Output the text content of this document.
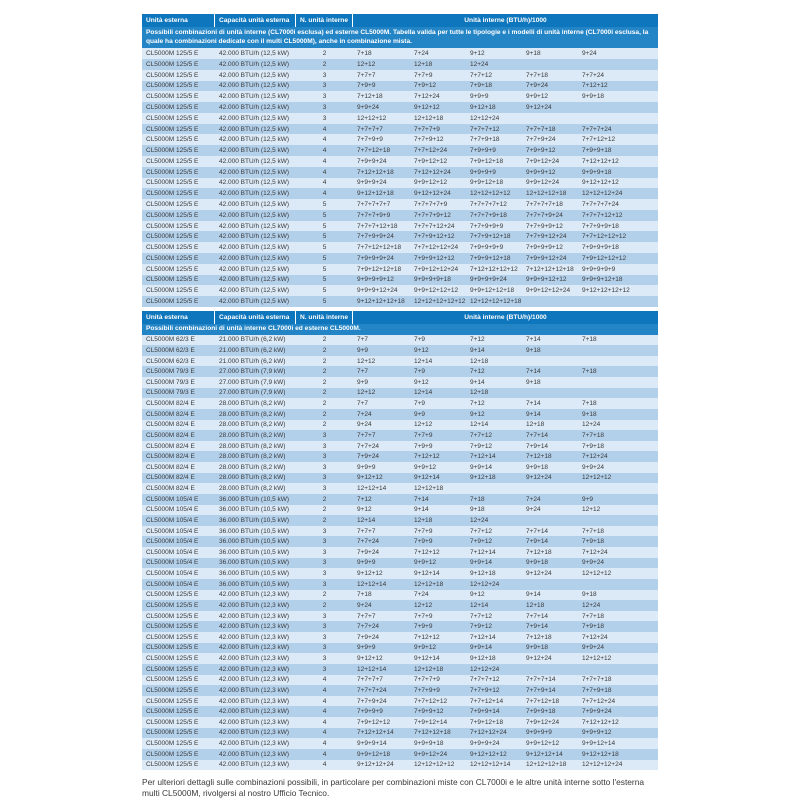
Unità esterna	Capacità unità esterna	N. unità interne	Unità interne (BTU/h)/1000
Possibili combinazioni di unità interne (CL7000i esclusa) ed esterne CL5000M. Tabella valida per tutte le tipologie e i modelli di unità interne (CL7000i esclusa, la quale ha combinazioni dedicate con il multi CL5000M), anche in combinazione mista.
CL5000M 125/5 E	42.000 BTU/h (12,5 kW)	2	7+18	7+24	9+12	9+18	9+24
CL5000M 125/5 E	42.000 BTU/h (12,5 kW)	2	12+12	12+18	12+24
CL5000M 125/5 E	42.000 BTU/h (12,5 kW)	3	7+7+7	7+7+9	7+7+12	7+7+18	7+7+24
CL5000M 125/5 E	42.000 BTU/h (12,5 kW)	3	7+9+9	7+9+12	7+9+18	7+9+24	7+12+12
CL5000M 125/5 E	42.000 BTU/h (12,5 kW)	3	7+12+18	7+12+24	9+9+9	9+9+12	9+9+18
CL5000M 125/5 E	42.000 BTU/h (12,5 kW)	3	9+9+24	9+12+12	9+12+18	9+12+24
CL5000M 125/5 E	42.000 BTU/h (12,5 kW)	3	12+12+12	12+12+18	12+12+24
CL5000M 125/5 E	42.000 BTU/h (12,5 kW)	4	7+7+7+7	7+7+7+9	7+7+7+12	7+7+7+18	7+7+7+24
CL5000M 125/5 E	42.000 BTU/h (12,5 kW)	4	7+7+9+9	7+7+9+12	7+7+9+18	7+7+9+24	7+7+12+12
CL5000M 125/5 E	42.000 BTU/h (12,5 kW)	4	7+7+12+18	7+7+12+24	7+9+9+9	7+9+9+12	7+9+9+18
CL5000M 125/5 E	42.000 BTU/h (12,5 kW)	4	7+9+9+24	7+9+12+12	7+9+12+18	7+9+12+24	7+12+12+12
CL5000M 125/5 E	42.000 BTU/h (12,5 kW)	4	7+12+12+18	7+12+12+24	9+9+9+9	9+9+9+12	9+9+9+18
CL5000M 125/5 E	42.000 BTU/h (12,5 kW)	4	9+9+9+24	9+9+12+12	9+9+12+18	9+9+12+24	9+12+12+12
CL5000M 125/5 E	42.000 BTU/h (12,5 kW)	4	9+12+12+18	9+12+12+24	12+12+12+12	12+12+12+18	12+12+12+24
CL5000M 125/5 E	42.000 BTU/h (12,5 kW)	5	7+7+7+7+7	7+7+7+7+9	7+7+7+7+12	7+7+7+7+18	7+7+7+7+24
CL5000M 125/5 E	42.000 BTU/h (12,5 kW)	5	7+7+7+9+9	7+7+7+9+12	7+7+7+9+18	7+7+7+9+24	7+7+7+12+12
CL5000M 125/5 E	42.000 BTU/h (12,5 kW)	5	7+7+7+12+18	7+7+7+12+24	7+7+9+9+9	7+7+9+9+12	7+7+9+9+18
CL5000M 125/5 E	42.000 BTU/h (12,5 kW)	5	7+7+9+9+24	7+7+9+12+12	7+7+9+12+18	7+7+9+12+24	7+7+12+12+12
CL5000M 125/5 E	42.000 BTU/h (12,5 kW)	5	7+7+12+12+18	7+7+12+12+24	7+9+9+9+9	7+9+9+9+12	7+9+9+9+18
CL5000M 125/5 E	42.000 BTU/h (12,5 kW)	5	7+9+9+9+24	7+9+9+12+12	7+9+9+12+18	7+9+9+12+24	7+9+12+12+12
CL5000M 125/5 E	42.000 BTU/h (12,5 kW)	5	7+9+12+12+18	7+9+12+12+24	7+12+12+12+12	7+12+12+12+18	9+9+9+9+9
CL5000M 125/5 E	42.000 BTU/h (12,5 kW)	5	9+9+9+9+12	9+9+9+9+18	9+9+9+9+24	9+9+9+12+12	9+9+9+12+18
CL5000M 125/5 E	42.000 BTU/h (12,5 kW)	5	9+9+9+12+24	9+9+12+12+12	9+9+12+12+18	9+9+12+12+24	9+12+12+12+12
CL5000M 125/5 E	42.000 BTU/h (12,5 kW)	5	9+12+12+12+18	12+12+12+12+12 12+12+12+12+18
Unità esterna	Capacità unità esterna	N. unità interne	Unità interne (BTU/h)/1000
Possibili combinazioni di unità interne CL7000i ed esterne CL5000M.
CL5000M 62/3 E	21.000 BTU/h (6,2 kW)	2	7+7	7+9	7+12	7+14	7+18
CL5000M 62/3 E	21.000 BTU/h (6,2 kW)	2	9+9	9+12	9+14	9+18
CL5000M 62/3 E	21.000 BTU/h (6,2 kW)	2	12+12	12+14	12+18
CL5000M 79/3 E	27.000 BTU/h (7,9 kW)	2	7+7	7+9	7+12	7+14	7+18
CL5000M 79/3 E	27.000 BTU/h (7,9 kW)	2	9+9	9+12	9+14	9+18
CL5000M 79/3 E	27.000 BTU/h (7,9 kW)	2	12+12	12+14	12+18
CL5000M 82/4 E	28.000 BTU/h (8,2 kW)	2	7+7	7+9	7+12	7+14	7+18
CL5000M 82/4 E	28.000 BTU/h (8,2 kW)	2	7+24	9+9	9+12	9+14	9+18
CL5000M 82/4 E	28.000 BTU/h (8,2 kW)	2	9+24	12+12	12+14	12+18	12+24
CL5000M 82/4 E	28.000 BTU/h (8,2 kW)	3	7+7+7	7+7+9	7+7+12	7+7+14	7+7+18
CL5000M 82/4 E	28.000 BTU/h (8,2 kW)	3	7+7+24	7+9+9	7+9+12	7+9+14	7+9+18
CL5000M 82/4 E	28.000 BTU/h (8,2 kW)	3	7+9+24	7+12+12	7+12+14	7+12+18	7+12+24
CL5000M 82/4 E	28.000 BTU/h (8,2 kW)	3	9+9+9	9+9+12	9+9+14	9+9+18	9+9+24
CL5000M 82/4 E	28.000 BTU/h (8,2 kW)	3	9+12+12	9+12+14	9+12+18	9+12+24	12+12+12
CL5000M 82/4 E	28.000 BTU/h (8,2 kW)	3	12+12+14	12+12+18
CL5000M 105/4 E	36.000 BTU/h (10,5 kW)	2	7+12	7+14	7+18	7+24	9+9
CL5000M 105/4 E	36.000 BTU/h (10,5 kW)	2	9+12	9+14	9+18	9+24	12+12
CL5000M 105/4 E	36.000 BTU/h (10,5 kW)	2	12+14	12+18	12+24
CL5000M 105/4 E	36.000 BTU/h (10,5 kW)	3	7+7+7	7+7+9	7+7+12	7+7+14	7+7+18
CL5000M 105/4 E	36.000 BTU/h (10,5 kW)	3	7+7+24	7+9+9	7+9+12	7+9+14	7+9+18
CL5000M 105/4 E	36.000 BTU/h (10,5 kW)	3	7+9+24	7+12+12	7+12+14	7+12+18	7+12+24
CL5000M 105/4 E	36.000 BTU/h (10,5 kW)	3	9+9+9	9+9+12	9+9+14	9+9+18	9+9+24
CL5000M 105/4 E	36.000 BTU/h (10,5 kW)	3	9+12+12	9+12+14	9+12+18	9+12+24	12+12+12
CL5000M 105/4 E	36.000 BTU/h (10,5 kW)	3	12+12+14	12+12+18	12+12+24
CL5000M 125/5 E	42.000 BTU/h (12,3 kW)	2	7+18	7+24	9+12	9+14	9+18
CL5000M 125/5 E	42.000 BTU/h (12,3 kW)	2	9+24	12+12	12+14	12+18	12+24
CL5000M 125/5 E	42.000 BTU/h (12,3 kW)	3	7+7+7	7+7+9	7+7+12	7+7+14	7+7+18
CL5000M 125/5 E	42.000 BTU/h (12,3 kW)	3	7+7+24	7+9+9	7+9+12	7+9+14	7+9+18
CL5000M 125/5 E	42.000 BTU/h (12,3 kW)	3	7+9+24	7+12+12	7+12+14	7+12+18	7+12+24
CL5000M 125/5 E	42.000 BTU/h (12,3 kW)	3	9+9+9	9+9+12	9+9+14	9+9+18	9+9+24
CL5000M 125/5 E	42.000 BTU/h (12,3 kW)	3	9+12+12	9+12+14	9+12+18	9+12+24	12+12+12
CL5000M 125/5 E	42.000 BTU/h (12,3 kW)	3	12+12+14	12+12+18	12+12+24
CL5000M 125/5 E	42.000 BTU/h (12,3 kW)	4	7+7+7+7	7+7+7+9	7+7+7+12	7+7+7+14	7+7+7+18
CL5000M 125/5 E	42.000 BTU/h (12,3 kW)	4	7+7+7+24	7+7+9+9	7+7+9+12	7+7+9+14	7+7+9+18
CL5000M 125/5 E	42.000 BTU/h (12,3 kW)	4	7+7+9+24	7+7+12+12	7+7+12+14	7+7+12+18	7+7+12+24
CL5000M 125/5 E	42.000 BTU/h (12,3 kW)	4	7+9+9+9	7+9+9+12	7+9+9+14	7+9+9+18	7+9+9+24
CL5000M 125/5 E	42.000 BTU/h (12,3 kW)	4	7+9+12+12	7+9+12+14	7+9+12+18	7+9+12+24	7+12+12+12
CL5000M 125/5 E	42.000 BTU/h (12,3 kW)	4	7+12+12+14	7+12+12+18	7+12+12+24	9+9+9+9	9+9+9+12
CL5000M 125/5 E	42.000 BTU/h (12,3 kW)	4	9+9+9+14	9+9+9+18	9+9+9+24	9+9+12+12	9+9+12+14
CL5000M 125/5 E	42.000 BTU/h (12,3 kW)	4	9+9+12+18	9+9+12+24	9+12+12+12	9+12+12+14	9+12+12+18
CL5000M 125/5 E	42.000 BTU/h (12,3 kW)	4	9+12+12+24	12+12+12+12	12+12+12+14	12+12+12+18	12+12+12+24
Per ulteriori dettagli sulle combinazioni possibili, in particolare per combinazioni miste con CL7000i e le altre unità interne sotto l'esterna multi CL5000M, rivolgersi al nostro Ufficio Tecnico.
